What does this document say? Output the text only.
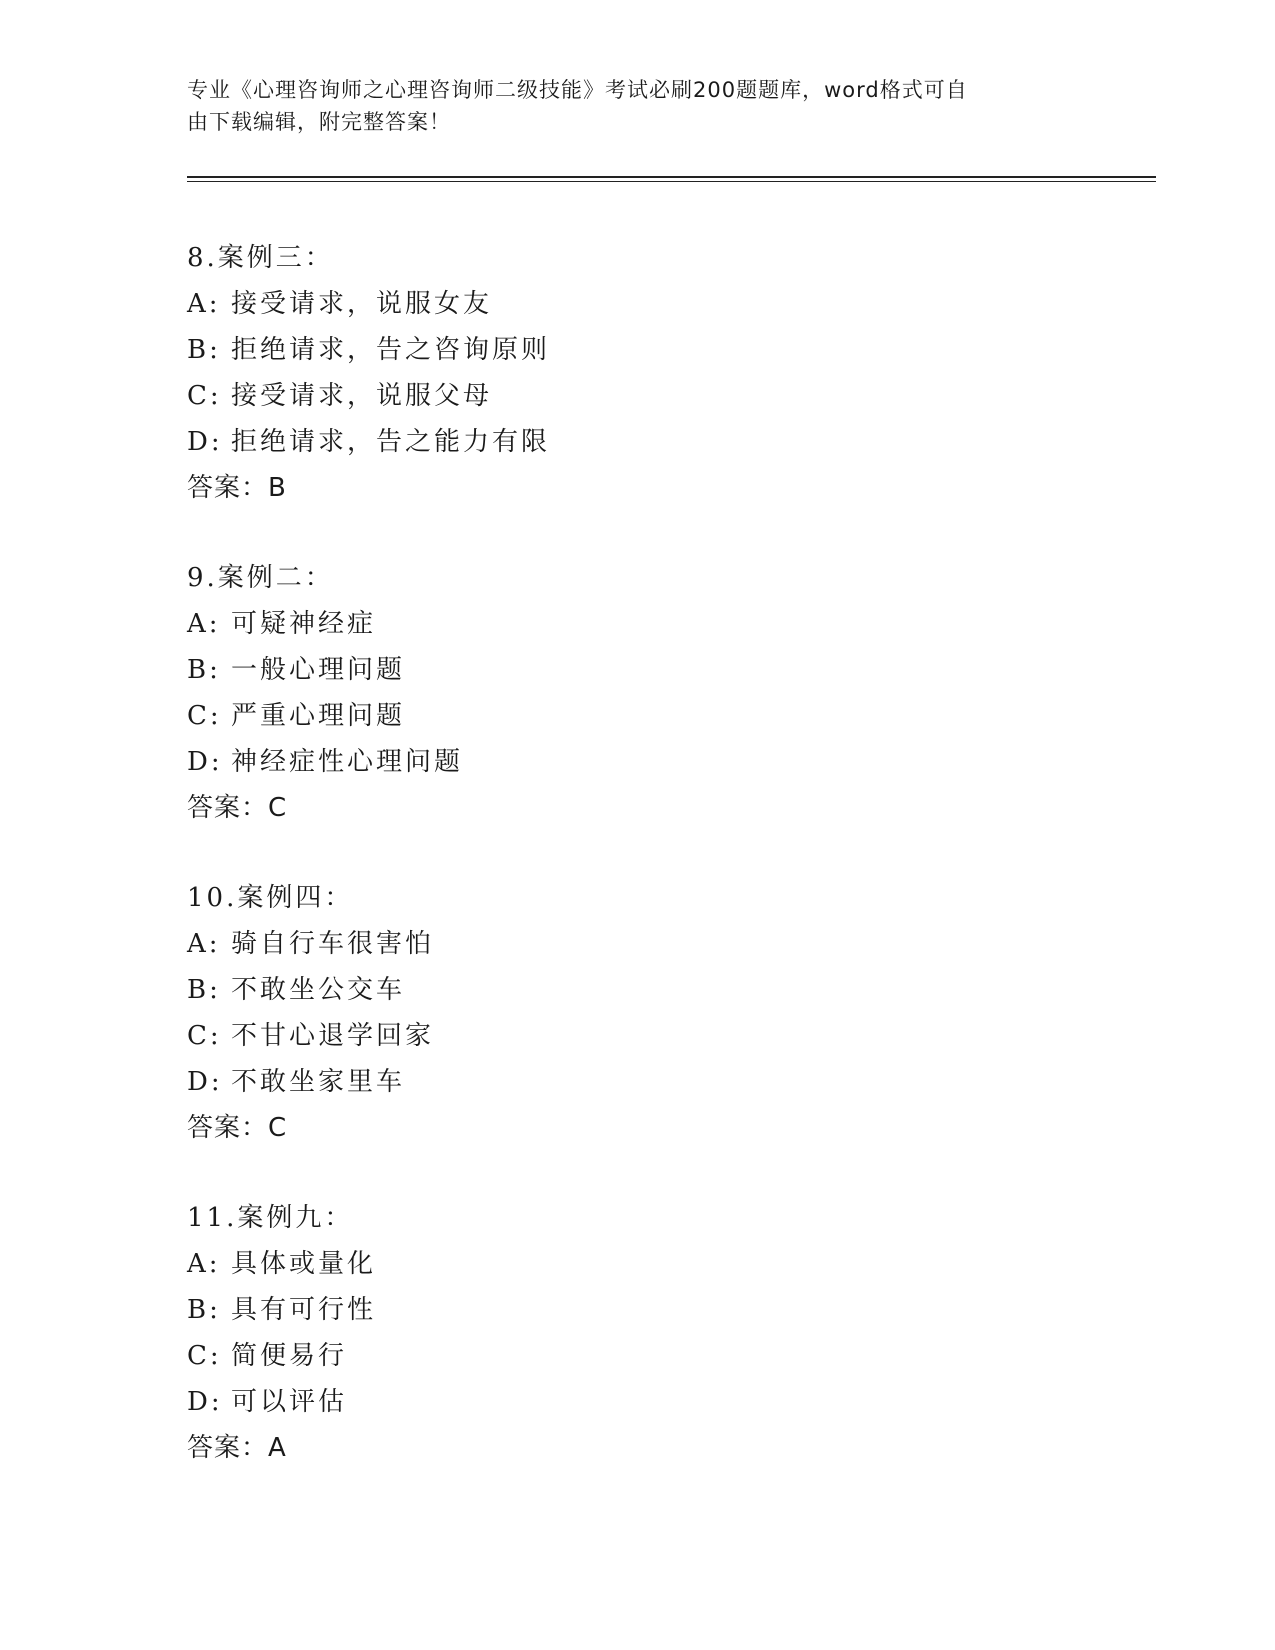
专业《心理咨询师之心理咨询师二级技能》考试必刷200题题库，word格式可自
由下载编辑，附完整答案！
8.案例三：
A: 接受请求，说服女友
B: 拒绝请求，告之咨询原则
C: 接受请求，说服父母
D: 拒绝请求，告之能力有限
答案：B
9.案例二：
A: 可疑神经症
B: 一般心理问题
C: 严重心理问题
D: 神经症性心理问题
答案：C
10.案例四：
A: 骑自行车很害怕
B: 不敢坐公交车
C: 不甘心退学回家
D: 不敢坐家里车
答案：C
11.案例九：
A: 具体或量化
B: 具有可行性
C: 简便易行
D: 可以评估
答案：A
